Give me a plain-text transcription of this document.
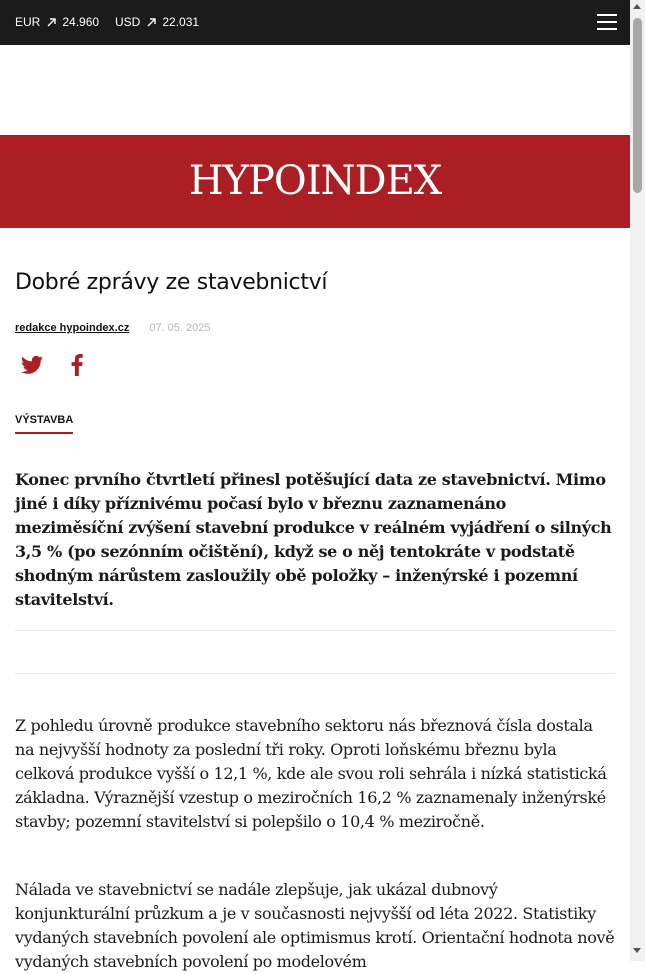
EUR 24.960 USD 22.031
HYPOINDEX
Dobré zprávy ze stavebnictví
redakce hypoindex.cz 07. 05. 2025
VÝSTAVBA

Konec prvního čtvrtletí přinesl potěšující data ze stavebnictví. Mimo jiné i díky příznivému počasí bylo v březnu zaznamenáno meziměsíční zvýšení stavební produkce v reálném vyjádření o silných 3,5 % (po sezónním očištění), když se o něj tentokráte v podstatě shodným nárůstem zasloužily obě položky – inženýrské i pozemní stavitelství.

Z pohledu úrovně produkce stavebního sektoru nás březnová čísla dostala na nejvyšší hodnoty za poslední tři roky. Oproti loňskému březnu byla celková produkce vyšší o 12,1 %, kde ale svou roli sehrála i nízká statistická základna. Výraznější vzestup o meziročních 16,2 % zaznamenaly inženýrské stavby; pozemní stavitelství si polepšilo o 10,4 % meziročně.

Nálada ve stavebnictví se nadále zlepšuje, jak ukázal dubnový konjunkturální průzkum a je v současnosti nejvyšší od léta 2022. Statistiky vydaných stavebních povolení ale optimismus krotí. Orientační hodnota nově vydaných stavebních povolení po modelovém
